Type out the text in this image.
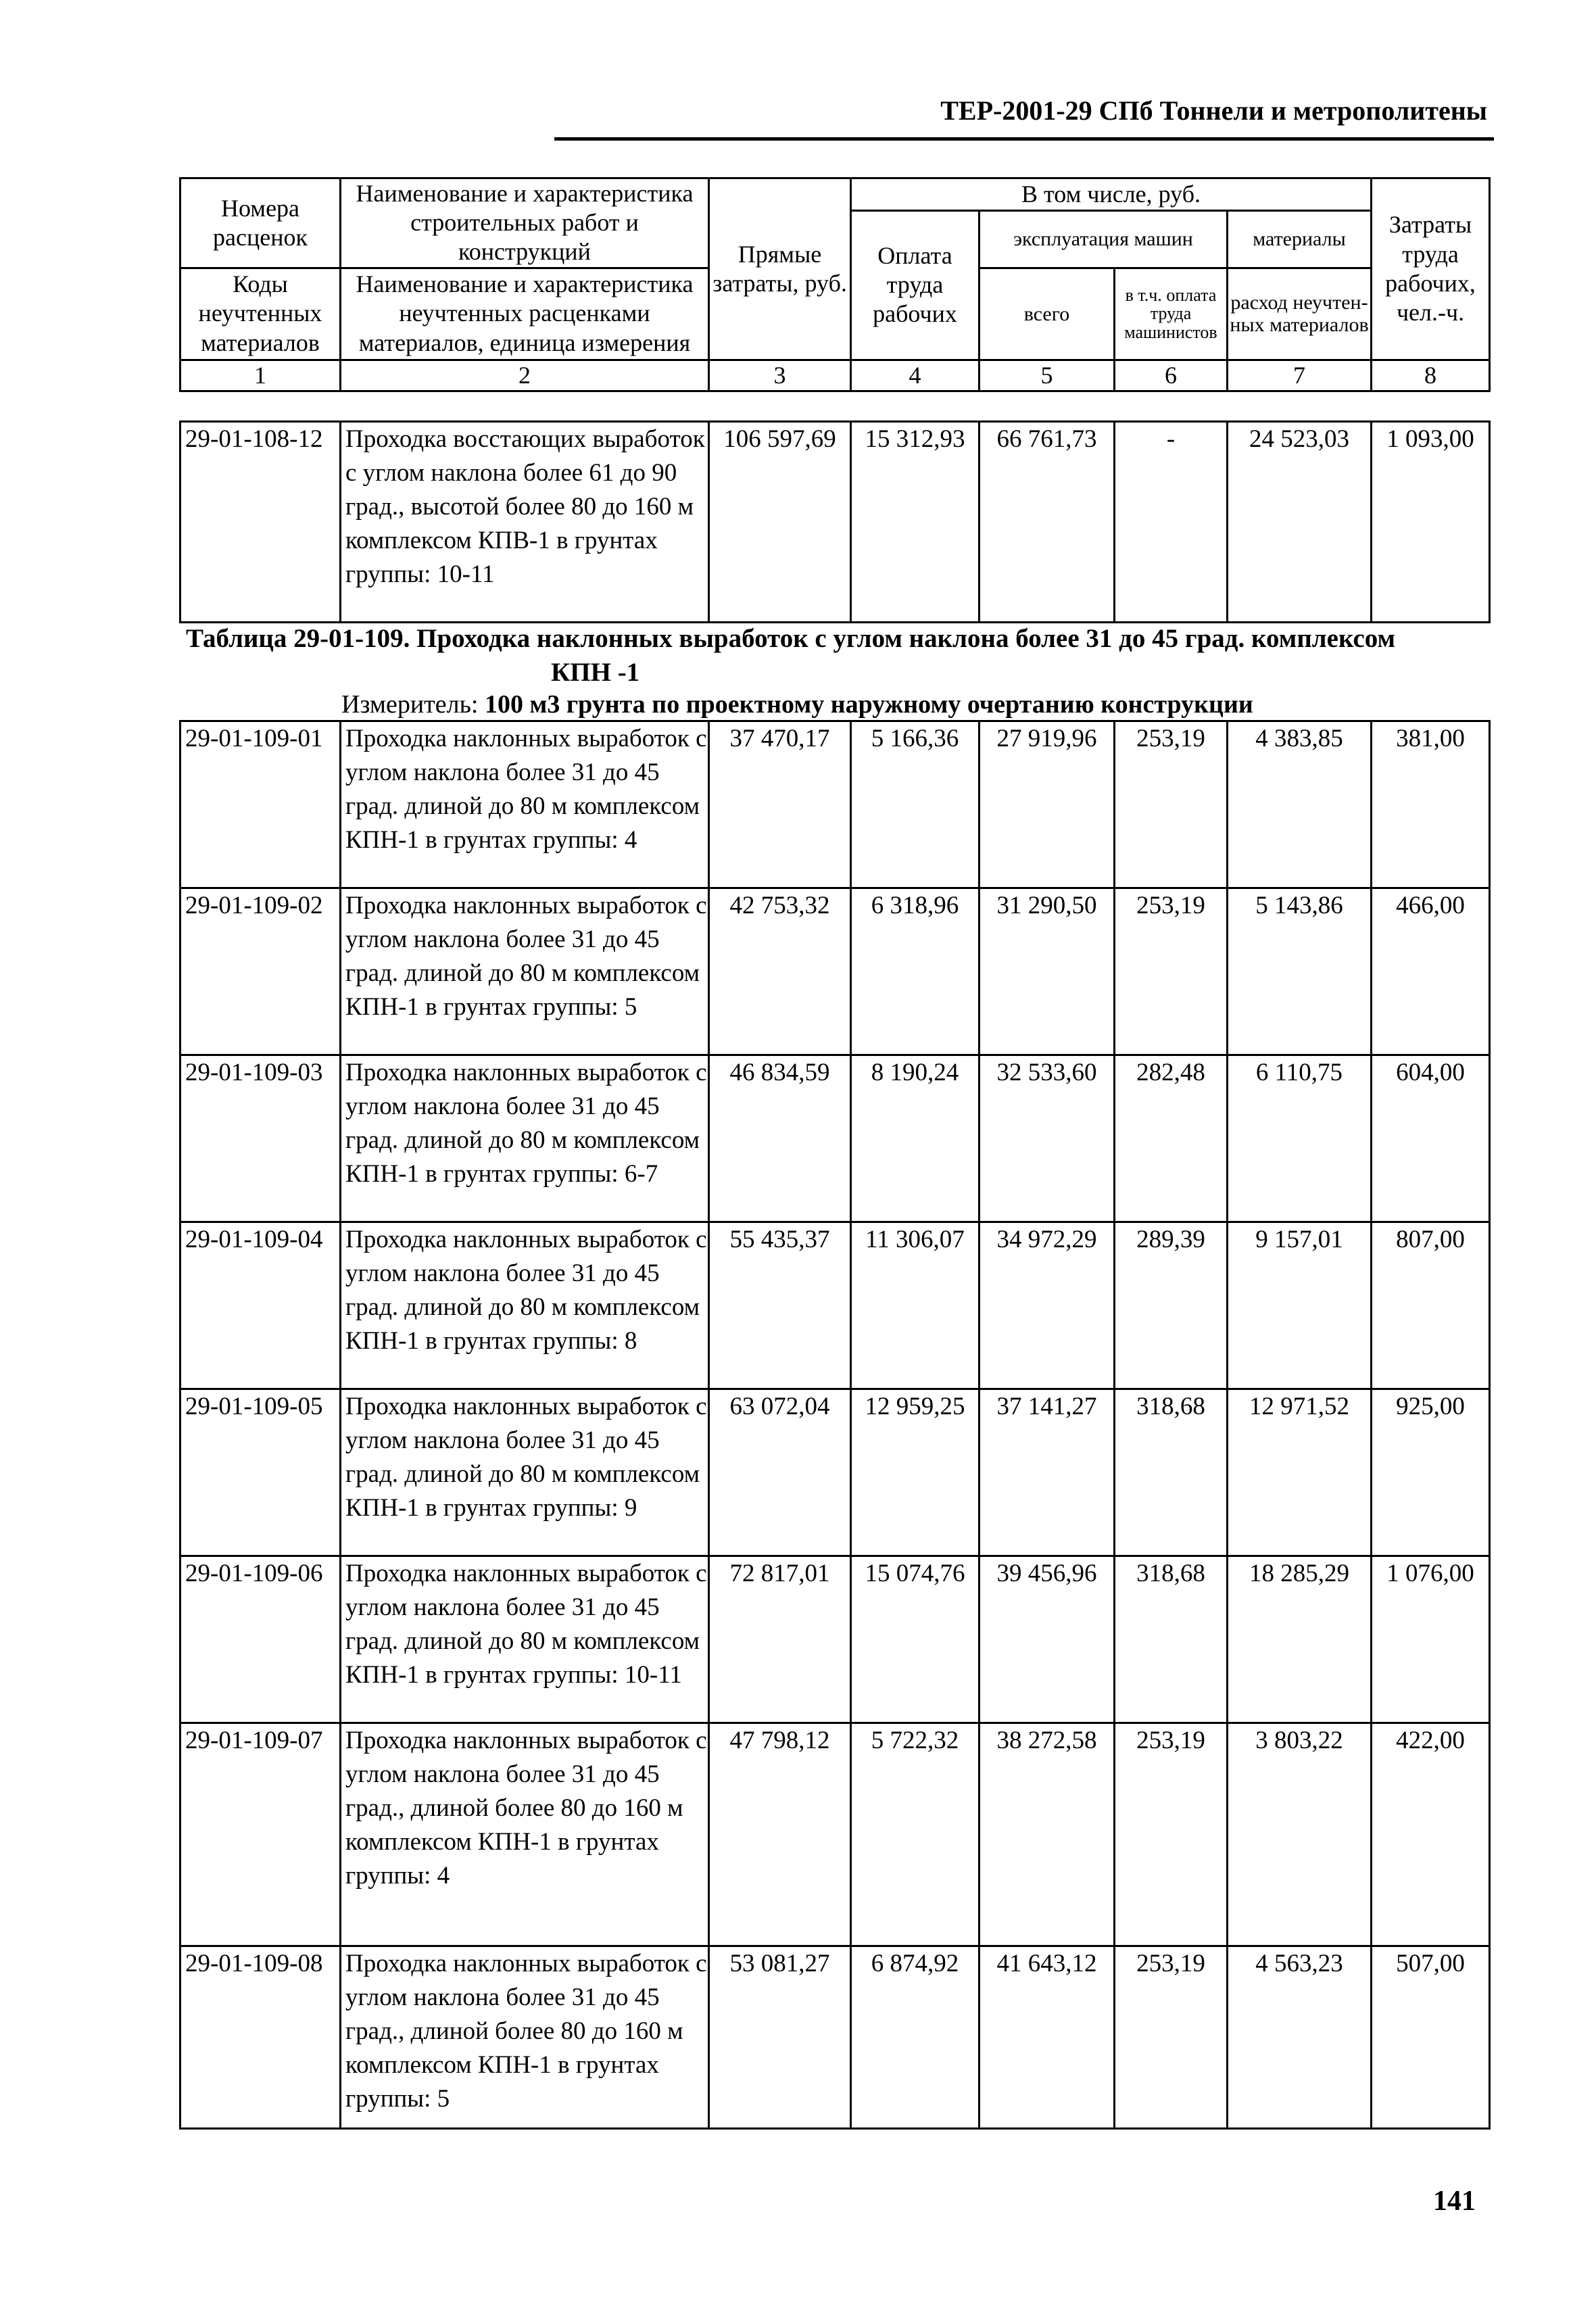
ТЕР-2001-29 СПб Тоннели и метрополитены
Номера расценок	Наименование и характеристика строительных работ и конструкций	Прямые затраты, руб.	В том числе, руб.				Затраты труда рабочих, чел.-ч.
			Оплата труда рабочих	эксплуатация машин		материалы	
Коды неучтенных материалов	Наименование и характеристика неучтенных расценками материалов, единица измерения			всего	в т.ч. оплата труда машинистов	расход неучтен-ных материалов	

1	2	3	4	5	6	7	8
29-01-108-12	Проходка восстающих выработок с углом наклона более 61 до 90 град., высотой более 80 до 160 м комплексом КПВ-1 в грунтах группы: 10-11	106 597,69	15 312,93	66 761,73	-	24 523,03	1 093,00
Таблица 29-01-109. Проходка наклонных выработок с углом наклона более 31 до 45 град. комплексом
КПН -1
Измеритель: 100 м3 грунта по проектному наружному очертанию конструкции
29-01-109-01	Проходка наклонных выработок с углом наклона более 31 до 45 град. длиной до 80 м комплексом КПН-1 в грунтах группы: 4	37 470,17	5 166,36	27 919,96	253,19	4 383,85	381,00
29-01-109-02	Проходка наклонных выработок с углом наклона более 31 до 45 град. длиной до 80 м комплексом КПН-1 в грунтах группы: 5	42 753,32	6 318,96	31 290,50	253,19	5 143,86	466,00
29-01-109-03	Проходка наклонных выработок с углом наклона более 31 до 45 град. длиной до 80 м комплексом КПН-1 в грунтах группы: 6-7	46 834,59	8 190,24	32 533,60	282,48	6 110,75	604,00
29-01-109-04	Проходка наклонных выработок с углом наклона более 31 до 45 град. длиной до 80 м комплексом КПН-1 в грунтах группы: 8	55 435,37	11 306,07	34 972,29	289,39	9 157,01	807,00
29-01-109-05	Проходка наклонных выработок с углом наклона более 31 до 45 град. длиной до 80 м комплексом КПН-1 в грунтах группы: 9	63 072,04	12 959,25	37 141,27	318,68	12 971,52	925,00
29-01-109-06	Проходка наклонных выработок с углом наклона более 31 до 45 град. длиной до 80 м комплексом КПН-1 в грунтах группы: 10-11	72 817,01	15 074,76	39 456,96	318,68	18 285,29	1 076,00
29-01-109-07	Проходка наклонных выработок с углом наклона более 31 до 45 град., длиной более 80 до 160 м комплексом КПН-1 в грунтах группы: 4	47 798,12	5 722,32	38 272,58	253,19	3 803,22	422,00
29-01-109-08	Проходка наклонных выработок с углом наклона более 31 до 45 град., длиной более 80 до 160 м комплексом КПН-1 в грунтах группы: 5	53 081,27	6 874,92	41 643,12	253,19	4 563,23	507,00
141
